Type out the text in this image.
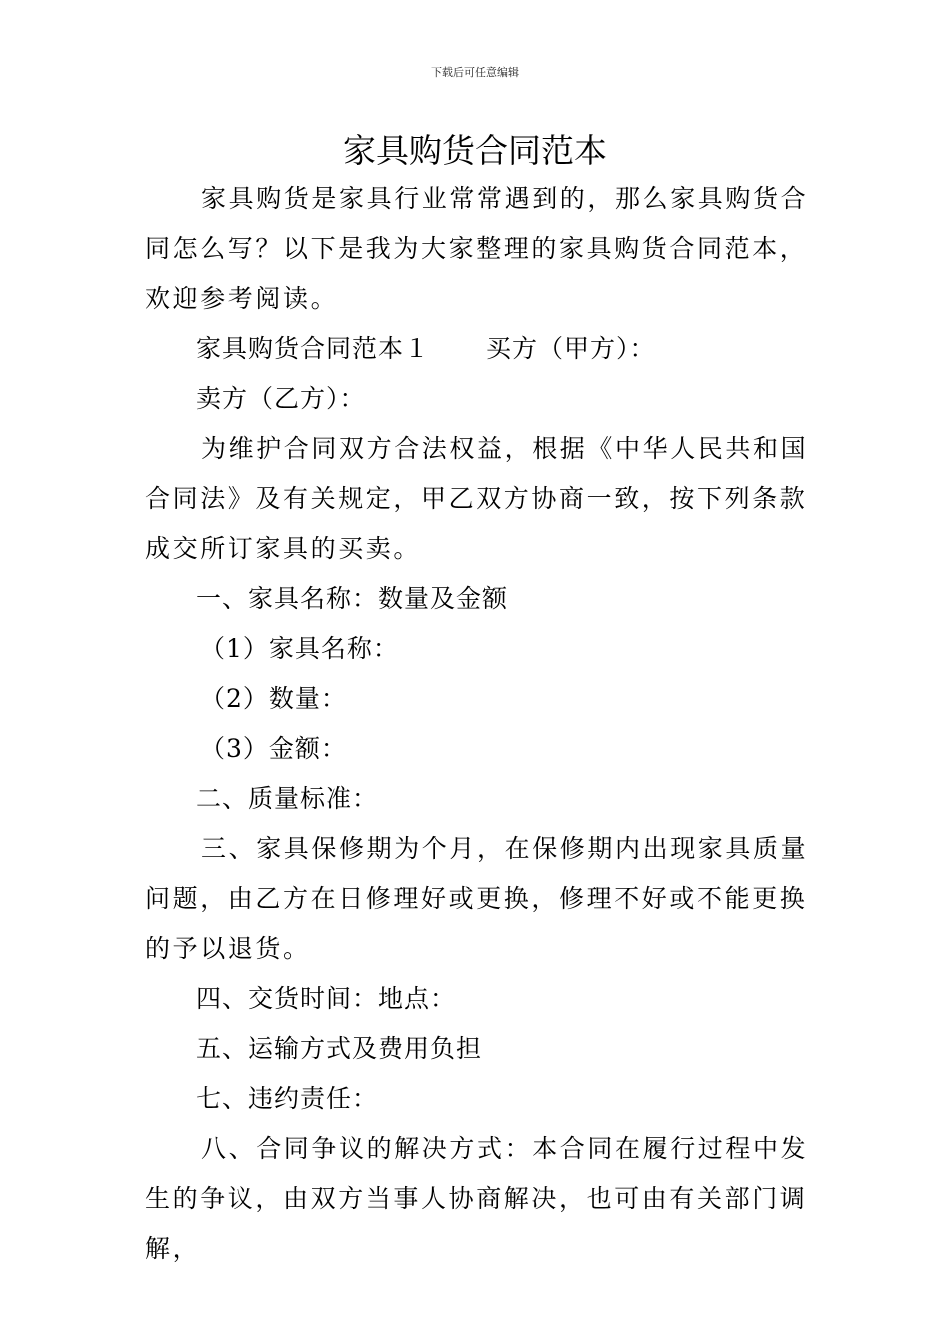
下载后可任意编辑
家具购货合同范本

家具购货是家具行业常常遇到的，那么家具购货合同怎么写？以下是我为大家整理的家具购货合同范本，欢迎参考阅读。

家具购货合同范本１ 买方（甲方）：

卖方（乙方）：

为维护合同双方合法权益，根据《中华人民共和国合同法》及有关规定，甲乙双方协商一致，按下列条款成交所订家具的买卖。

一、家具名称：数量及金额

（1）家具名称：

（2）数量：

（3）金额：

二、质量标准：

三、家具保修期为个月，在保修期内出现家具质量问题，由乙方在日修理好或更换，修理不好或不能更换的予以退货。

四、交货时间：地点：

五、运输方式及费用负担

七、违约责任：

八、合同争议的解决方式：本合同在履行过程中发生的争议，由双方当事人协商解决，也可由有关部门调解，
